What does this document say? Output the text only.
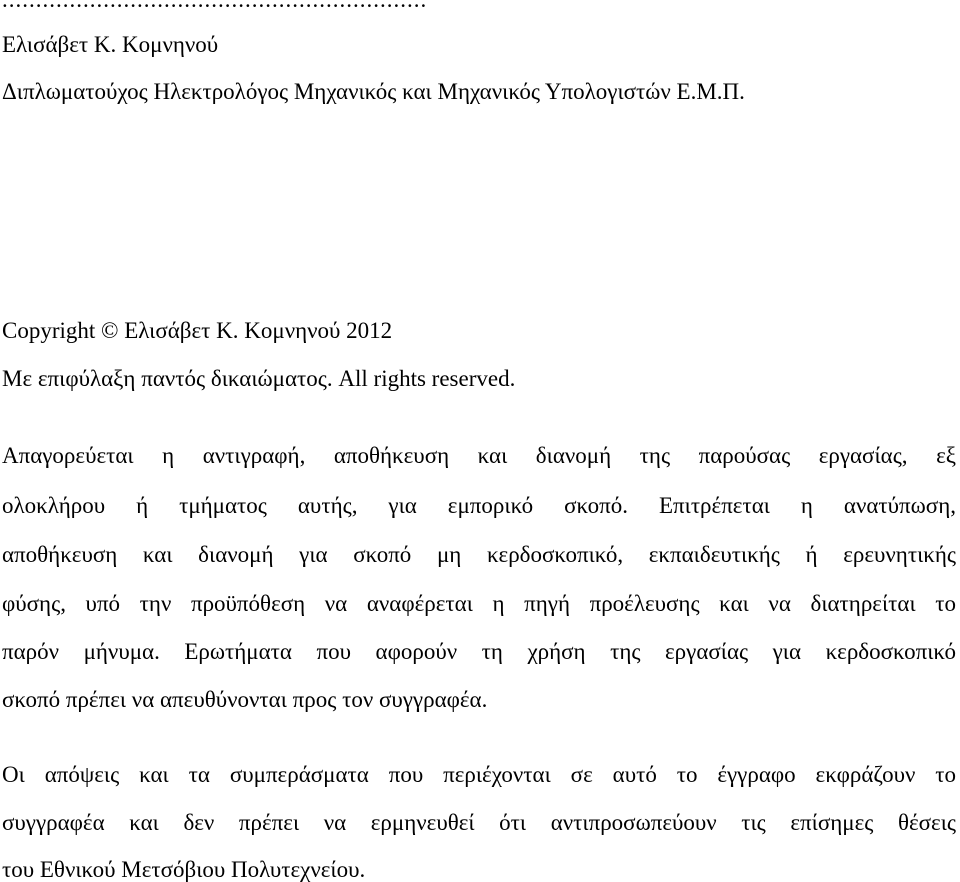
Ελισάβετ Κ. Κομνηνού
Διπλωματούχος Ηλεκτρολόγος Μηχανικός και Μηχανικός Υπολογιστών Ε.Μ.Π.
Copyright © Ελισάβετ Κ. Κομνηνού 2012
Με επιφύλαξη παντός δικαιώματος. All rights reserved.
Απαγορεύεται η αντιγραφή, αποθήκευση και διανομή της παρούσας εργασίας, εξ
ολοκλήρου ή τμήματος αυτής, για εμπορικό σκοπό. Επιτρέπεται η ανατύπωση,
αποθήκευση και διανομή για σκοπό μη κερδοσκοπικό, εκπαιδευτικής ή ερευνητικής
φύσης, υπό την προϋπόθεση να αναφέρεται η πηγή προέλευσης και να διατηρείται το
παρόν μήνυμα. Ερωτήματα που αφορούν τη χρήση της εργασίας για κερδοσκοπικό
σκοπό πρέπει να απευθύνονται προς τον συγγραφέα.
Οι απόψεις και τα συμπεράσματα που περιέχονται σε αυτό το έγγραφο εκφράζουν το
συγγραφέα και δεν πρέπει να ερμηνευθεί ότι αντιπροσωπεύουν τις επίσημες θέσεις
του Εθνικού Μετσόβιου Πολυτεχνείου.
